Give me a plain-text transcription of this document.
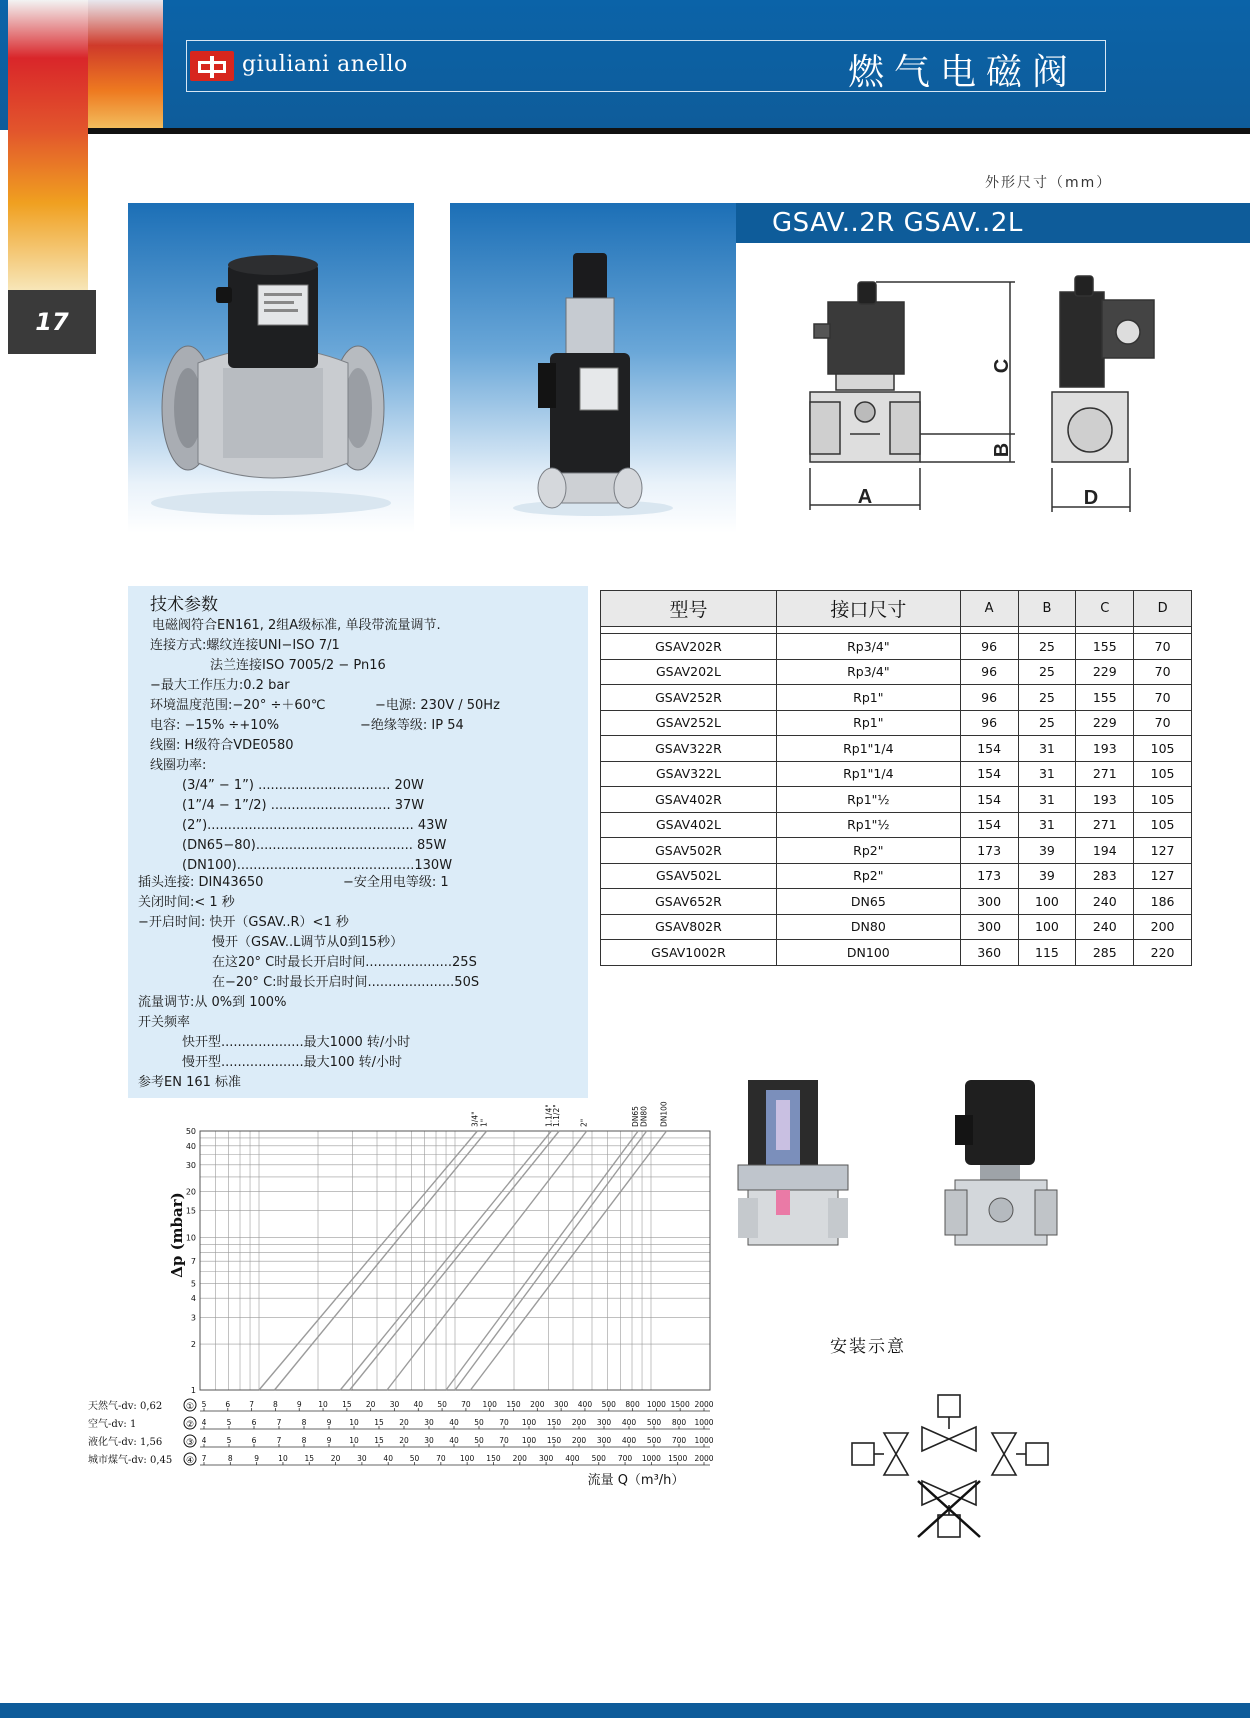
giuliani anello	燃气电磁阀
17
外形尺寸（mm）
GSAV..2R GSAV..2L
A
B
C
D
技术参数
电磁阀符合EN161, 2组A级标准, 单段带流量调节.
连接方式:螺纹连接UNI−ISO 7/1
法兰连接ISO 7005/2 − Pn16
−最大工作压力:0.2 bar
环境温度范围:−20° ÷＋60℃	−电源: 230V / 50Hz
电容: −15% ÷+10%	−绝缘等级: IP 54
线圈: H级符合VDE0580
线圈功率:
(3/4” − 1”) ................................ 20W
(1”/4 − 1”/2) ............................. 37W
(2”).................................................. 43W
(DN65−80)...................................... 85W
(DN100)...........................................130W
插头连接: DIN43650	−安全用电等级: 1
关闭时间:< 1 秒
−开启时间: 快开（GSAV..R）<1 秒
慢开（GSAV..L调节从0到15秒）
在这20° C时最长开启时间.....................25S
在−20° C:时最长开启时间.....................50S
流量调节:从 0%到 100%
开关频率
快开型....................最大1000 转/小时
慢开型....................最大100 转/小时
参考EN 161 标准
型号	接口尺寸	A	B	C	D

GSAV202R	Rp3/4"	96	25	155	70
GSAV202L	Rp3/4"	96	25	229	70
GSAV252R	Rp1"	96	25	155	70
GSAV252L	Rp1"	96	25	229	70
GSAV322R	Rp1"1/4	154	31	193	105
GSAV322L	Rp1"1/4	154	31	271	105
GSAV402R	Rp1"½	154	31	193	105
GSAV402L	Rp1"½	154	31	271	105
GSAV502R	Rp2"	173	39	194	127
GSAV502L	Rp2"	173	39	283	127
GSAV652R	DN65	300	100	240	186
GSAV802R	DN80	300	100	240	200
GSAV1002R	DN100	360	115	285	220
1
2
3
4
5
7
10
15
20
30
40
50
3/4" 1"	1.1/4"
1.1/2" 2"	DN65 DN80 DN100
天然气-dv: 0,62	① 5	6	7	8	9 10 15 20 30 40 50 70 100 150 200 300 400 500 800 1000 1500 2000
空气-dv: 1	② 4	5	6	7	8	9 10 15 20 30 40 50 70 100 150 200 300 400 500 800 1000
液化气-dv: 1,56	③ 4	5	6	7	8	9 10 15 20 30 40 50 70 100 150 200 300 400 500 700 1000
城市煤气-dv: 0,45 ④ 7	8	9	10 15 20 30 40 50 70 100 150 200 300 400 500 700 1000 1500 2000
Δp (mbar)
流量 Q（m³/h）
安装示意
